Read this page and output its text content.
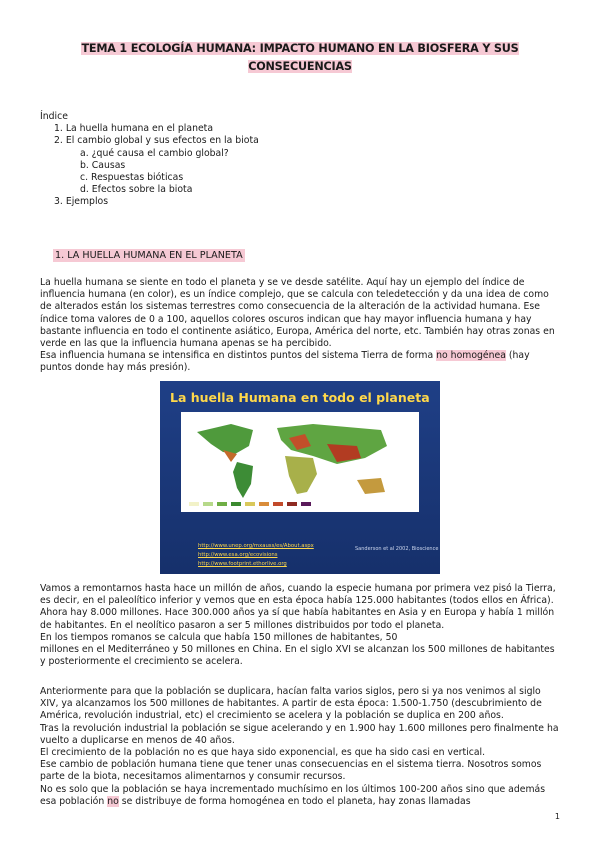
TEMA 1 ECOLOGÍA HUMANA: IMPACTO HUMANO EN LA BIOSFERA Y SUS CONSECUENCIAS
Índice
1. La huella humana en el planeta
2. El cambio global y sus efectos en la biota
a. ¿qué causa el cambio global?
b. Causas
c. Respuestas bióticas
d. Efectos sobre la biota
3. Ejemplos
1. LA HUELLA HUMANA EN EL PLANETA
La huella humana se siente en todo el planeta y se ve desde satélite. Aquí hay un ejemplo del índice de influencia humana (en color), es un índice complejo, que se calcula con teledetección y da una idea de como de alterados están los sistemas terrestres como consecuencia de la alteración de la actividad humana. Ese índice toma valores de 0 a 100, aquellos colores oscuros indican que hay mayor influencia humana y hay bastante influencia en todo el continente asiático, Europa, América del norte, etc. También hay otras zonas en verde en las que la influencia humana apenas se ha percibido.
Esa influencia humana se intensifica en distintos puntos del sistema Tierra de forma no homogénea (hay puntos donde hay más presión).
La huella Humana en todo el planeta
http://www.unep.org/mxauss/es/About.aspx
http://www.esa.org/ecovisions
http://www.footprint.ethorlive.org
Sanderson et al 2002, Bioscience
Vamos a remontarnos hasta hace un millón de años, cuando la especie humana por primera vez pisó la Tierra, es decir, en el paleolítico inferior y vemos que en esta época había 125.000 habitantes (todos ellos en África). Ahora hay 8.000 millones. Hace 300.000 años ya sí que había habitantes en Asia y en Europa y había 1 millón de habitantes. En el neolítico pasaron a ser 5 millones distribuidos por todo el planeta.
En los tiempos romanos se calcula que había 150 millones de habitantes, 50
millones en el Mediterráneo y 50 millones en China. En el siglo XVI se alcanzan los 500 millones de habitantes y posteriormente el crecimiento se acelera.
Anteriormente para que la población se duplicara, hacían falta varios siglos, pero si ya nos venimos al siglo XIV, ya alcanzamos los 500 millones de habitantes. A partir de esta época: 1.500-1.750 (descubrimiento de América, revolución industrial, etc) el crecimiento se acelera y la población se duplica en 200 años.
Tras la revolución industrial la población se sigue acelerando y en 1.900 hay 1.600 millones pero finalmente ha vuelto a duplicarse en menos de 40 años.
El crecimiento de la población no es que haya sido exponencial, es que ha sido casi en vertical.
Ese cambio de población humana tiene que tener unas consecuencias en el sistema tierra. Nosotros somos parte de la biota, necesitamos alimentarnos y consumir recursos.
No es solo que la población se haya incrementado muchísimo en los últimos 100-200 años sino que además esa población no se distribuye de forma homogénea en todo el planeta, hay zonas llamadas
1
